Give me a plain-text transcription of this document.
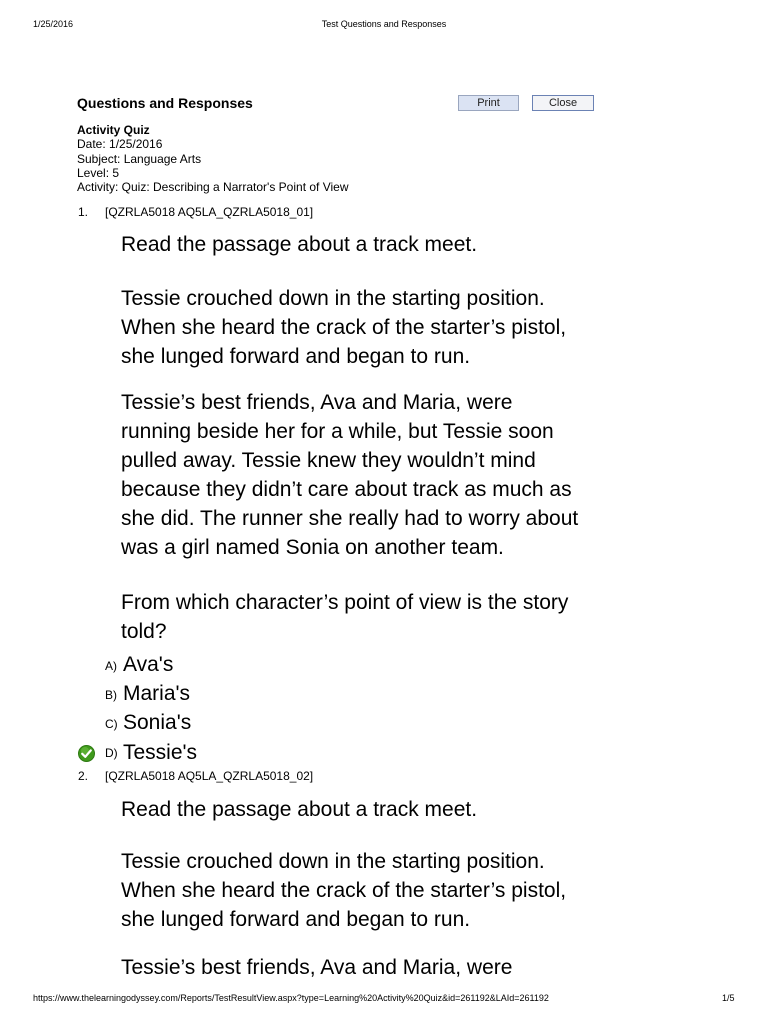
1/25/2016	Test Questions and Responses
Questions and Responses	Print	Close
Activity Quiz
Date: 1/25/2016
Subject: Language Arts
Level: 5
Activity: Quiz: Describing a Narrator's Point of View
1. [QZRLA5018 AQ5LA_QZRLA5018_01]
Read the passage about a track meet.
Tessie crouched down in the starting position.
When she heard the crack of the starter’s pistol,
she lunged forward and began to run.
Tessie’s best friends, Ava and Maria, were
running beside her for a while, but Tessie soon
pulled away. Tessie knew they wouldn’t mind
because they didn’t care about track as much as
she did. The runner she really had to worry about
was a girl named Sonia on another team.
From which character’s point of view is the story
told?
A) Ava's
B) Maria's
C) Sonia's
D) Tessie's
2. [QZRLA5018 AQ5LA_QZRLA5018_02]
Read the passage about a track meet.
Tessie crouched down in the starting position.
When she heard the crack of the starter’s pistol,
she lunged forward and began to run.
Tessie’s best friends, Ava and Maria, were
https://www.thelearningodyssey.com/Reports/TestResultView.aspx?type=Learning%20Activity%20Quiz&id=261192&LAId=261192	1/5
